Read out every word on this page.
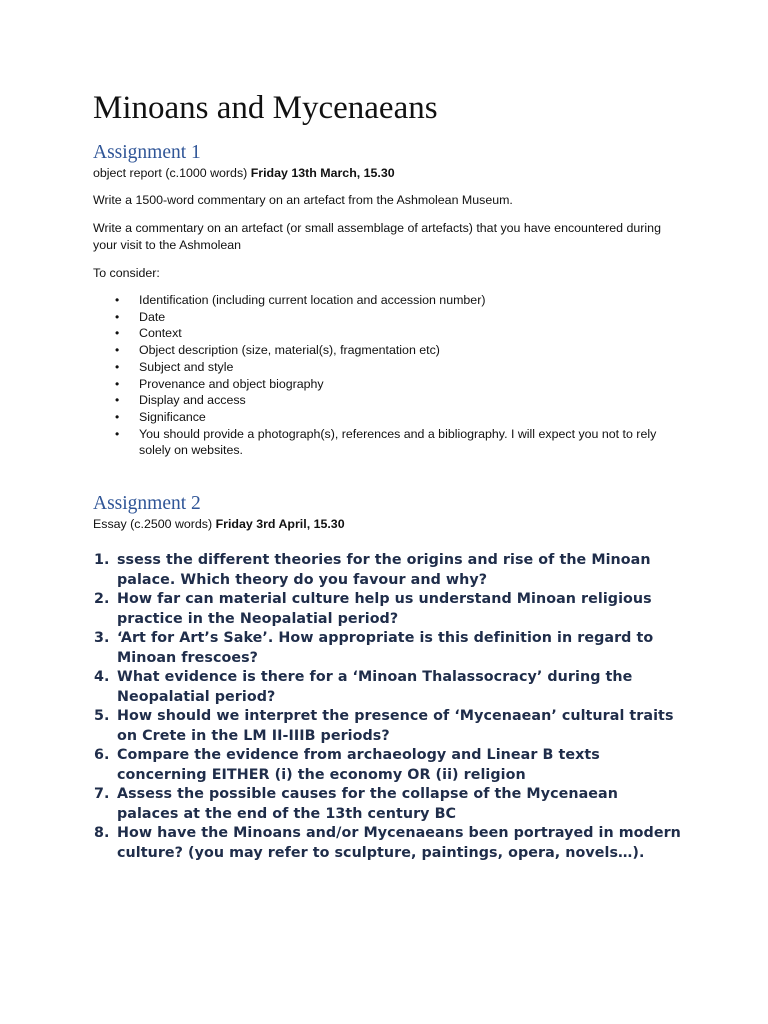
Minoans and Mycenaeans
Assignment 1

object report (c.1000 words) Friday 13th March, 15.30

Write a 1500-word commentary on an artefact from the Ashmolean Museum.

Write a commentary on an artefact (or small assemblage of artefacts) that you have encountered during your visit to the Ashmolean

To consider:

• Identification (including current location and accession number)
• Date
• Context
• Object description (size, material(s), fragmentation etc)
• Subject and style
• Provenance and object biography
• Display and access
• Significance
• You should provide a photograph(s), references and a bibliography. I will expect you not to rely solely on websites.
Assignment 2

Essay (c.2500 words) Friday 3rd April, 15.30

1. ssess the different theories for the origins and rise of the Minoan palace. Which theory do you favour and why?
2. How far can material culture help us understand Minoan religious practice in the Neopalatial period?
3. ‘Art for Art’s Sake’. How appropriate is this definition in regard to Minoan frescoes?
4. What evidence is there for a ‘Minoan Thalassocracy’ during the Neopalatial period?
5. How should we interpret the presence of ‘Mycenaean’ cultural traits on Crete in the LM II-IIIB periods?
6. Compare the evidence from archaeology and Linear B texts concerning EITHER (i) the economy OR (ii) religion
7. Assess the possible causes for the collapse of the Mycenaean palaces at the end of the 13th century BC
8. How have the Minoans and/or Mycenaeans been portrayed in modern culture? (you may refer to sculpture, paintings, opera, novels…).
